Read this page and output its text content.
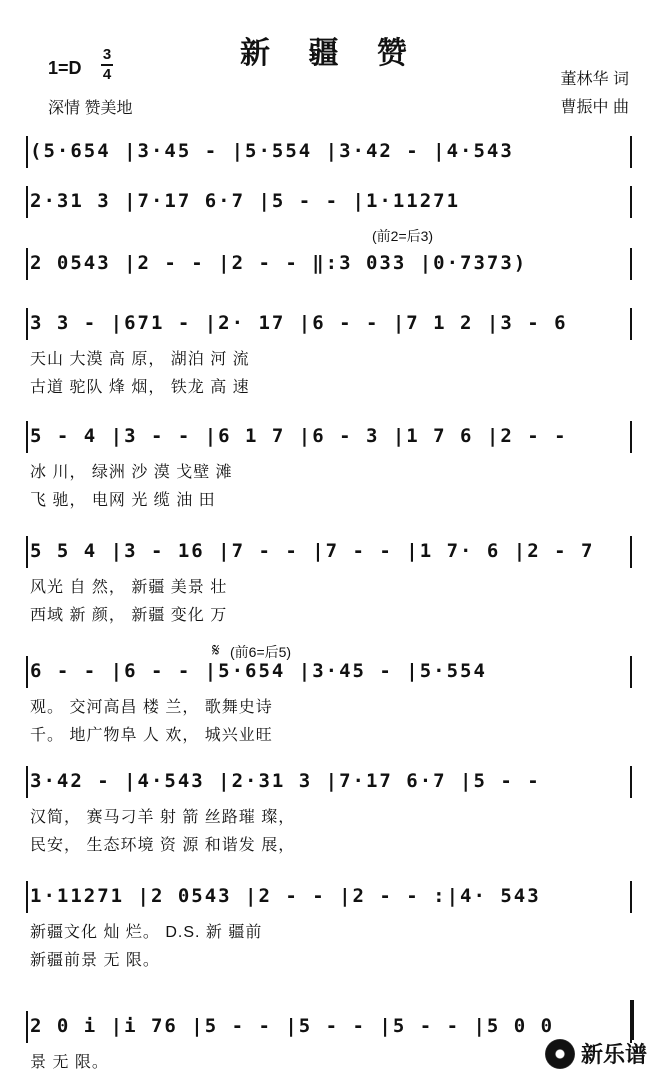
新 疆 赞
1=D
3
4
深情 赞美地
董林华 词
曹振中 曲
(5·654 |3·45 - |5·554 |3·42 - |4·543
2·31 3 |7·17 6·7 |5 - - |1·11271
2 0543 |2 - - |2 - - ‖:3 033 |0·7373)
3 3 - |671 - |2· 17 |6 - - |7 1 2 |3 - 6
天山 大漠 高 原， 湖泊 河 流
古道 驼队 烽 烟， 铁龙 高 速
5 - 4 |3 - - |6 1 7 |6 - 3 |1 7 6 |2 - -
冰 川， 绿洲 沙 漠 戈壁 滩
飞 驰， 电网 光 缆 油 田
5 5 4 |3 - 16 |7 - - |7 - - |1 7· 6 |2 - 7
风光 自 然， 新疆 美景 壮
西域 新 颜， 新疆 变化 万
6 - - |6 - - |5·654 |3·45 - |5·554
观。 交河高昌 楼 兰， 歌舞史诗
千。 地广物阜 人 欢， 城兴业旺
3·42 - |4·543 |2·31 3 |7·17 6·7 |5 - -
汉简， 赛马刁羊 射 箭 丝路璀 璨，
民安， 生态环境 资 源 和谐发 展，
1·11271 |2 0543 |2 - - |2 - - :|4· 543
新疆文化 灿 烂。 D.S. 新 疆前
新疆前景 无 限。
2 0 i |i 76 |5 - - |5 - - |5 - - |5 0 0
景 无 限。
(前2=后3)
𝄋 (前6=后5)
新乐谱
